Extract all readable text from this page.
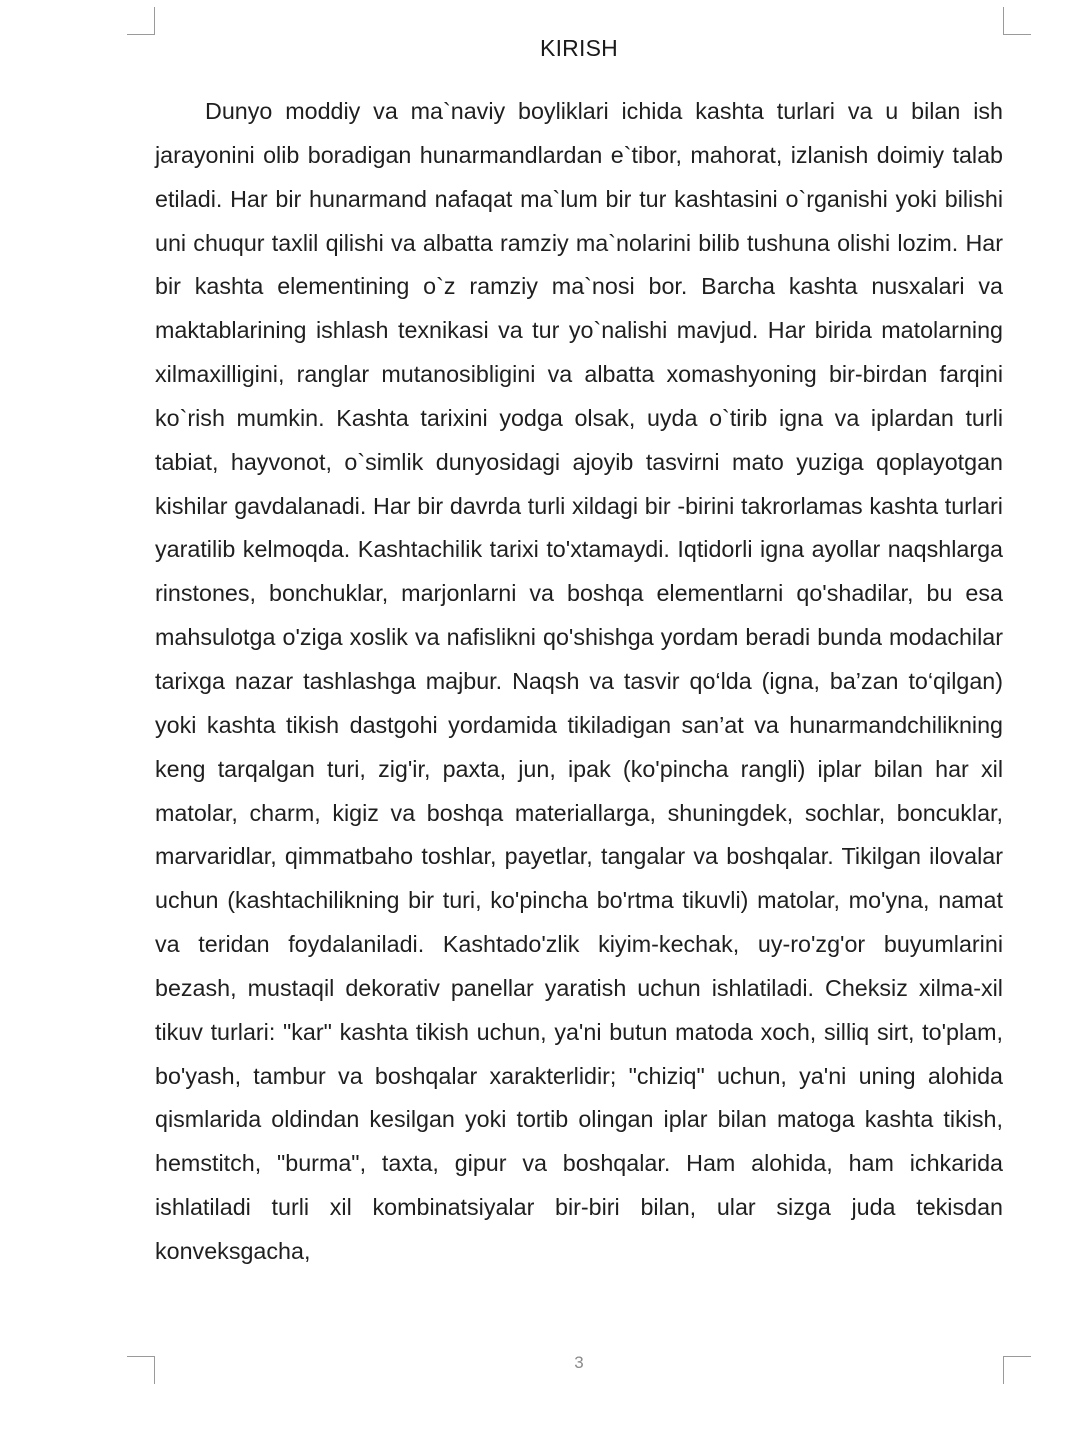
KIRISH

Dunyo moddiy va ma`naviy boyliklari ichida kashta turlari va u bilan ish jarayonini olib boradigan hunarmandlardan e`tibor, mahorat, izlanish doimiy talab etiladi. Har bir hunarmand nafaqat ma`lum bir tur kashtasini o`rganishi yoki bilishi uni chuqur taxlil qilishi va albatta ramziy ma`nolarini bilib tushuna olishi lozim. Har bir kashta elementining o`z ramziy ma`nosi bor. Barcha kashta nusxalari va maktablarining ishlash texnikasi va tur yo`nalishi mavjud. Har birida matolarning xilmaxilligini, ranglar mutanosibligini va albatta xomashyoning bir-birdan farqini ko`rish mumkin. Kashta tarixini yodga olsak, uyda o`tirib igna va iplardan turli tabiat, hayvonot, o`simlik dunyosidagi ajoyib tasvirni mato yuziga qoplayotgan kishilar gavdalanadi. Har bir davrda turli xildagi bir -birini takrorlamas kashta turlari yaratilib kelmoqda. Kashtachilik tarixi to'xtamaydi. Iqtidorli igna ayollar naqshlarga rinstones, bonchuklar, marjonlarni va boshqa elementlarni qo'shadilar, bu esa mahsulotga o'ziga xoslik va nafislikni qo'shishga yordam beradi bunda modachilar tarixga nazar tashlashga majbur. Naqsh va tasvir qo‘lda (igna, ba’zan to‘qilgan) yoki kashta tikish dastgohi yordamida tikiladigan san’at va hunarmandchilikning keng tarqalgan turi, zig'ir, paxta, jun, ipak (ko'pincha rangli) iplar bilan har xil matolar, charm, kigiz va boshqa materiallarga, shuningdek, sochlar, boncuklar, marvaridlar, qimmatbaho toshlar, payetlar, tangalar va boshqalar. Tikilgan ilovalar uchun (kashtachilikning bir turi, ko'pincha bo'rtma tikuvli) matolar, mo'yna, namat va teridan foydalaniladi. Kashtado'zlik kiyim-kechak, uy-ro'zg'or buyumlarini bezash, mustaqil dekorativ panellar yaratish uchun ishlatiladi. Cheksiz xilma-xil tikuv turlari: "kar" kashta tikish uchun, ya'ni butun matoda xoch, silliq sirt, to'plam, bo'yash, tambur va boshqalar xarakterlidir; "chiziq" uchun, ya'ni uning alohida qismlarida oldindan kesilgan yoki tortib olingan iplar bilan matoga kashta tikish, hemstitch, "burma", taxta, gipur va boshqalar. Ham alohida, ham ichkarida ishlatiladi turli xil kombinatsiyalar bir-biri bilan, ular sizga juda tekisdan konveksgacha,

3
